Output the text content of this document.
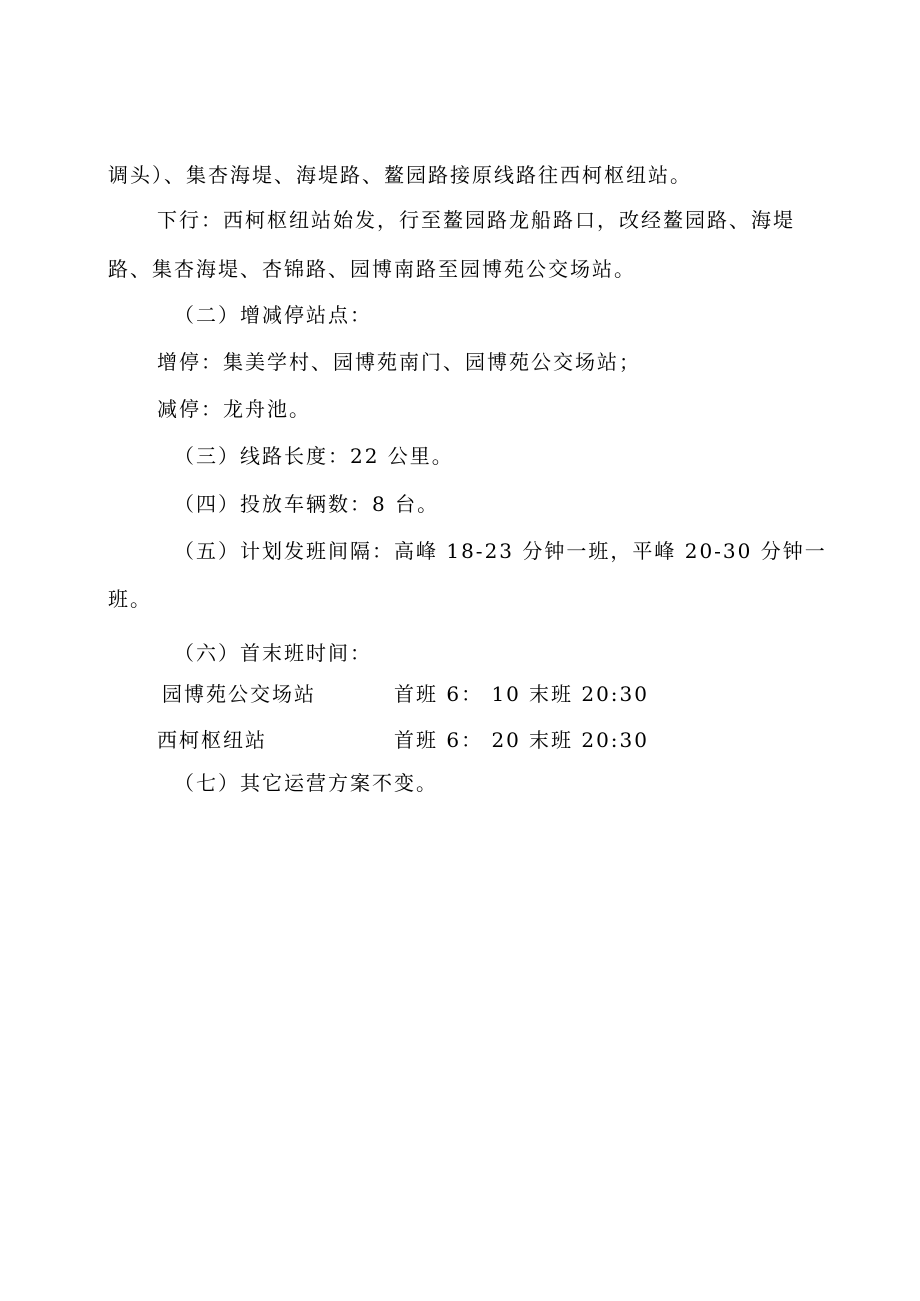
调头）、集杏海堤、海堤路、鳌园路接原线路往西柯枢纽站。
下行：西柯枢纽站始发，行至鳌园路龙船路口，改经鳌园路、海堤
路、集杏海堤、杏锦路、园博南路至园博苑公交场站。
（二）增减停站点：
增停：集美学村、园博苑南门、园博苑公交场站；
减停：龙舟池。
（三）线路长度：22 公里。
（四）投放车辆数：8 台。
（五）计划发班间隔：高峰 18-23 分钟一班，平峰 20-30 分钟一
班。
（六）首末班时间：
园博苑公交场站	首班 6： 10 末班 20:30
西柯枢纽站	首班 6： 20 末班 20:30
（七）其它运营方案不变。
